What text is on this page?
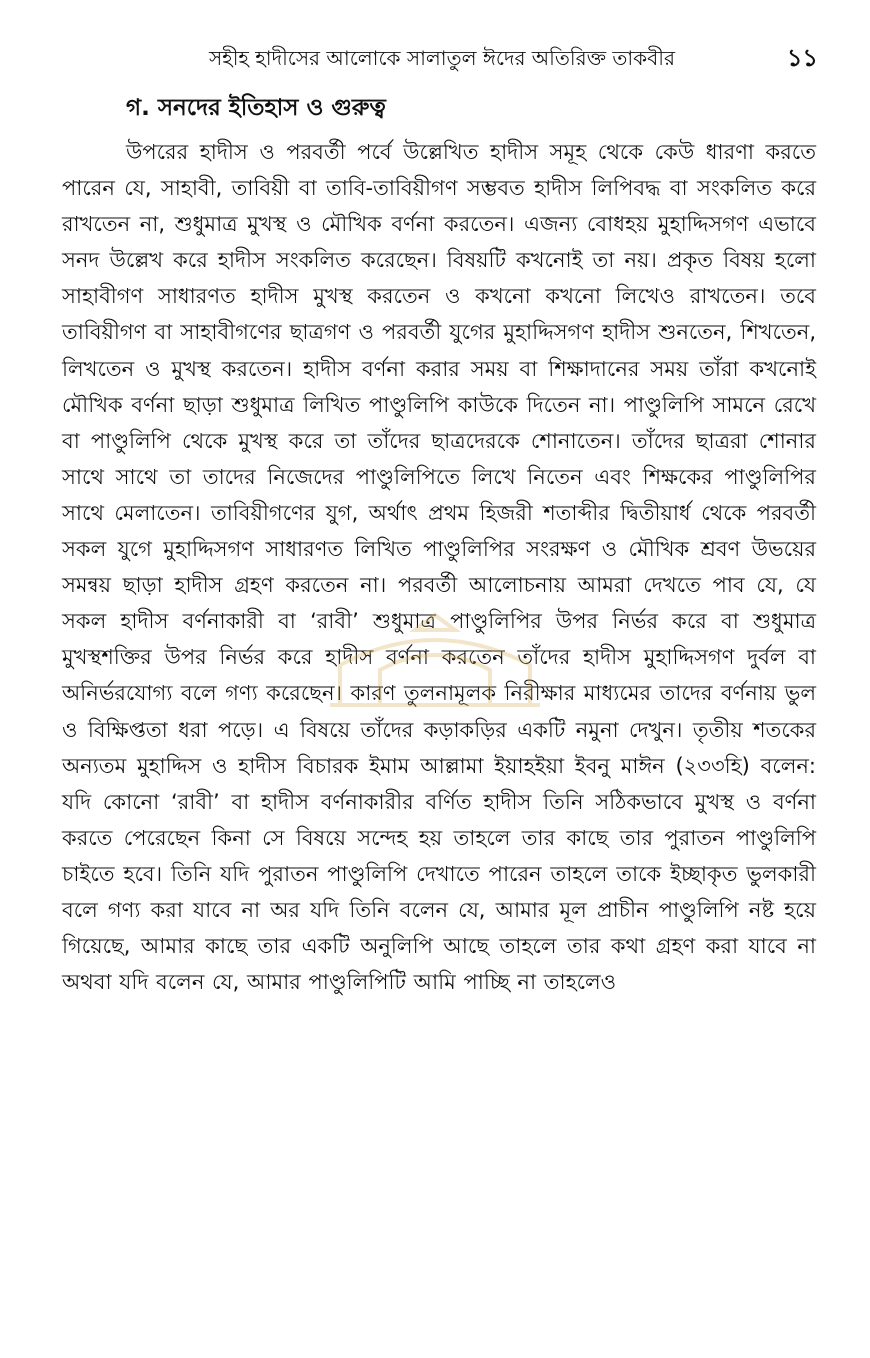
সহীহ হাদীসের আলোকে সালাতুল ঈদের অতিরিক্ত তাকবীর	১১
গ. সনদের ইতিহাস ও গুরুত্ব

উপরের হাদীস ও পরবর্তী পর্বে উল্লেখিত হাদীস সমূহ থেকে কেউ ধারণা করতে পারেন যে, সাহাবী, তাবিয়ী বা তাবি-তাবিয়ীগণ সম্ভবত হাদীস লিপিবদ্ধ বা সংকলিত করে রাখতেন না, শুধুমাত্র মুখস্থ ও মৌখিক বর্ণনা করতেন। এজন্য বোধহয় মুহাদ্দিসগণ এভাবে সনদ উল্লেখ করে হাদীস সংকলিত করেছেন। বিষয়টি কখনোই তা নয়। প্রকৃত বিষয় হলো সাহাবীগণ সাধারণত হাদীস মুখস্থ করতেন ও কখনো কখনো লিখেও রাখতেন। তবে তাবিয়ীগণ বা সাহাবীগণের ছাত্রগণ ও পরবর্তী যুগের মুহাদ্দিসগণ হাদীস শুনতেন, শিখতেন, লিখতেন ও মুখস্থ করতেন। হাদীস বর্ণনা করার সময় বা শিক্ষাদানের সময় তাঁরা কখনোই মৌখিক বর্ণনা ছাড়া শুধুমাত্র লিখিত পাণ্ডুলিপি কাউকে দিতেন না। পাণ্ডুলিপি সামনে রেখে বা পাণ্ডুলিপি থেকে মুখস্থ করে তা তাঁদের ছাত্রদেরকে শোনাতেন। তাঁদের ছাত্ররা শোনার সাথে সাথে তা তাদের নিজেদের পাণ্ডুলিপিতে লিখে নিতেন এবং শিক্ষকের পাণ্ডুলিপির সাথে মেলাতেন। তাবিয়ীগণের যুগ, অর্থাৎ প্রথম হিজরী শতাব্দীর দ্বিতীয়ার্ধ থেকে পরবর্তী সকল যুগে মুহাদ্দিসগণ সাধারণত লিখিত পাণ্ডুলিপির সংরক্ষণ ও মৌখিক শ্রবণ উভয়ের সমন্বয় ছাড়া হাদীস গ্রহণ করতেন না। পরবর্তী আলোচনায় আমরা দেখতে পাব যে, যে সকল হাদীস বর্ণনাকারী বা ‘রাবী’ শুধুমাত্র পাণ্ডুলিপির উপর নির্ভর করে বা শুধুমাত্র মুখস্থশক্তির উপর নির্ভর করে হাদীস বর্ণনা করতেন তাঁদের হাদীস মুহাদ্দিসগণ দুর্বল বা অনির্ভরযোগ্য বলে গণ্য করেছেন। কারণ তুলনামূলক নিরীক্ষার মাধ্যমের তাদের বর্ণনায় ভুল ও বিক্ষিপ্ততা ধরা পড়ে। এ বিষয়ে তাঁদের কড়াকড়ির একটি নমুনা দেখুন। তৃতীয় শতকের অন্যতম মুহাদ্দিস ও হাদীস বিচারক ইমাম আল্লামা ইয়াহইয়া ইবনু মাঈন (২৩৩হি) বলেন: যদি কোনো ‘রাবী’ বা হাদীস বর্ণনাকারীর বর্ণিত হাদীস তিনি সঠিকভাবে মুখস্থ ও বর্ণনা করতে পেরেছেন কিনা সে বিষয়ে সন্দেহ হয় তাহলে তার কাছে তার পুরাতন পাণ্ডুলিপি চাইতে হবে। তিনি যদি পুরাতন পাণ্ডুলিপি দেখাতে পারেন তাহলে তাকে ইচ্ছাকৃত ভুলকারী বলে গণ্য করা যাবে না অর যদি তিনি বলেন যে, আমার মূল প্রাচীন পাণ্ডুলিপি নষ্ট হয়ে গিয়েছে, আমার কাছে তার একটি অনুলিপি আছে তাহলে তার কথা গ্রহণ করা যাবে না অথবা যদি বলেন যে, আমার পাণ্ডুলিপিটি আমি পাচ্ছি না তাহলেও
